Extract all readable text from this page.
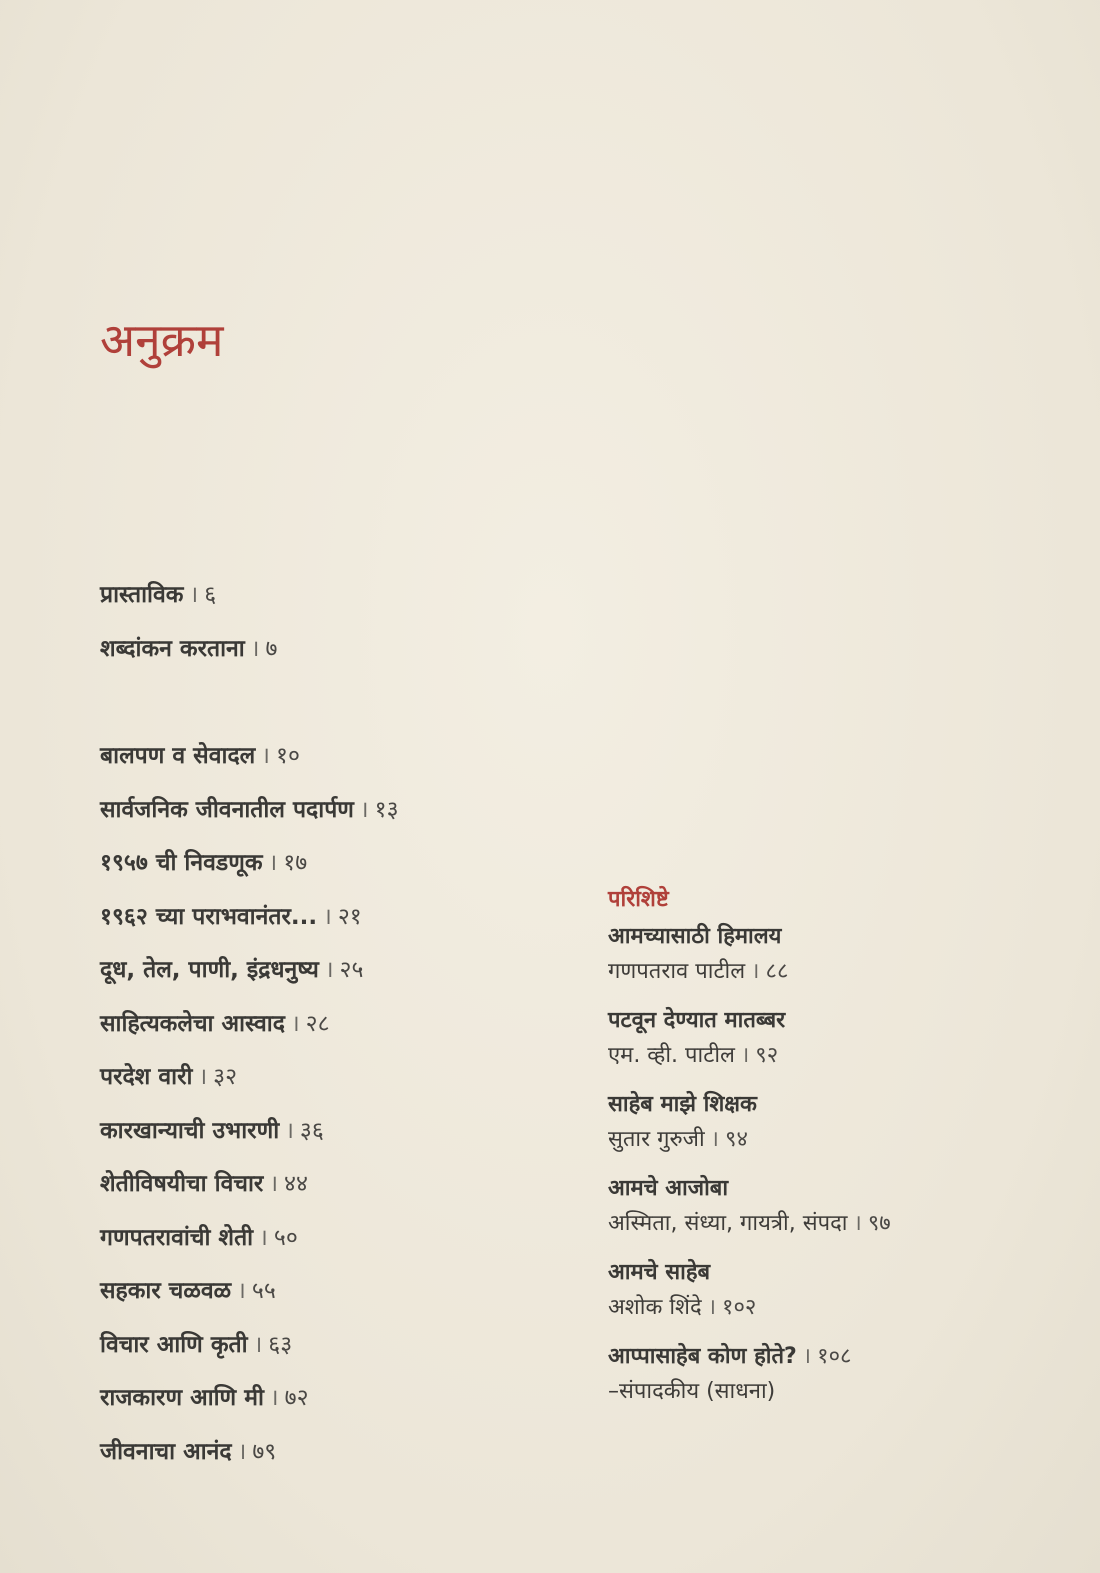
अनुक्रम
प्रास्ताविक । ६
शब्दांकन करताना । ७
बालपण व सेवादल । १०
सार्वजनिक जीवनातील पदार्पण । १३
१९५७ ची निवडणूक । १७
१९६२ च्या पराभवानंतर... । २१
दूध, तेल, पाणी, इंद्रधनुष्य । २५
साहित्यकलेचा आस्वाद । २८
परदेश वारी । ३२
कारखान्याची उभारणी । ३६
शेतीविषयीचा विचार । ४४
गणपतरावांची शेती । ५०
सहकार चळवळ । ५५
विचार आणि कृती । ६३
राजकारण आणि मी । ७२
जीवनाचा आनंद । ७९
परिशिष्टे
आमच्यासाठी हिमालय
गणपतराव पाटील । ८८
पटवून देण्यात मातब्बर
एम. व्ही. पाटील । ९२
साहेब माझे शिक्षक
सुतार गुरुजी । ९४
आमचे आजोबा
अस्मिता, संध्या, गायत्री, संपदा । ९७
आमचे साहेब
अशोक शिंदे । १०२
आप्पासाहेब कोण होते? । १०८
–संपादकीय (साधना)
